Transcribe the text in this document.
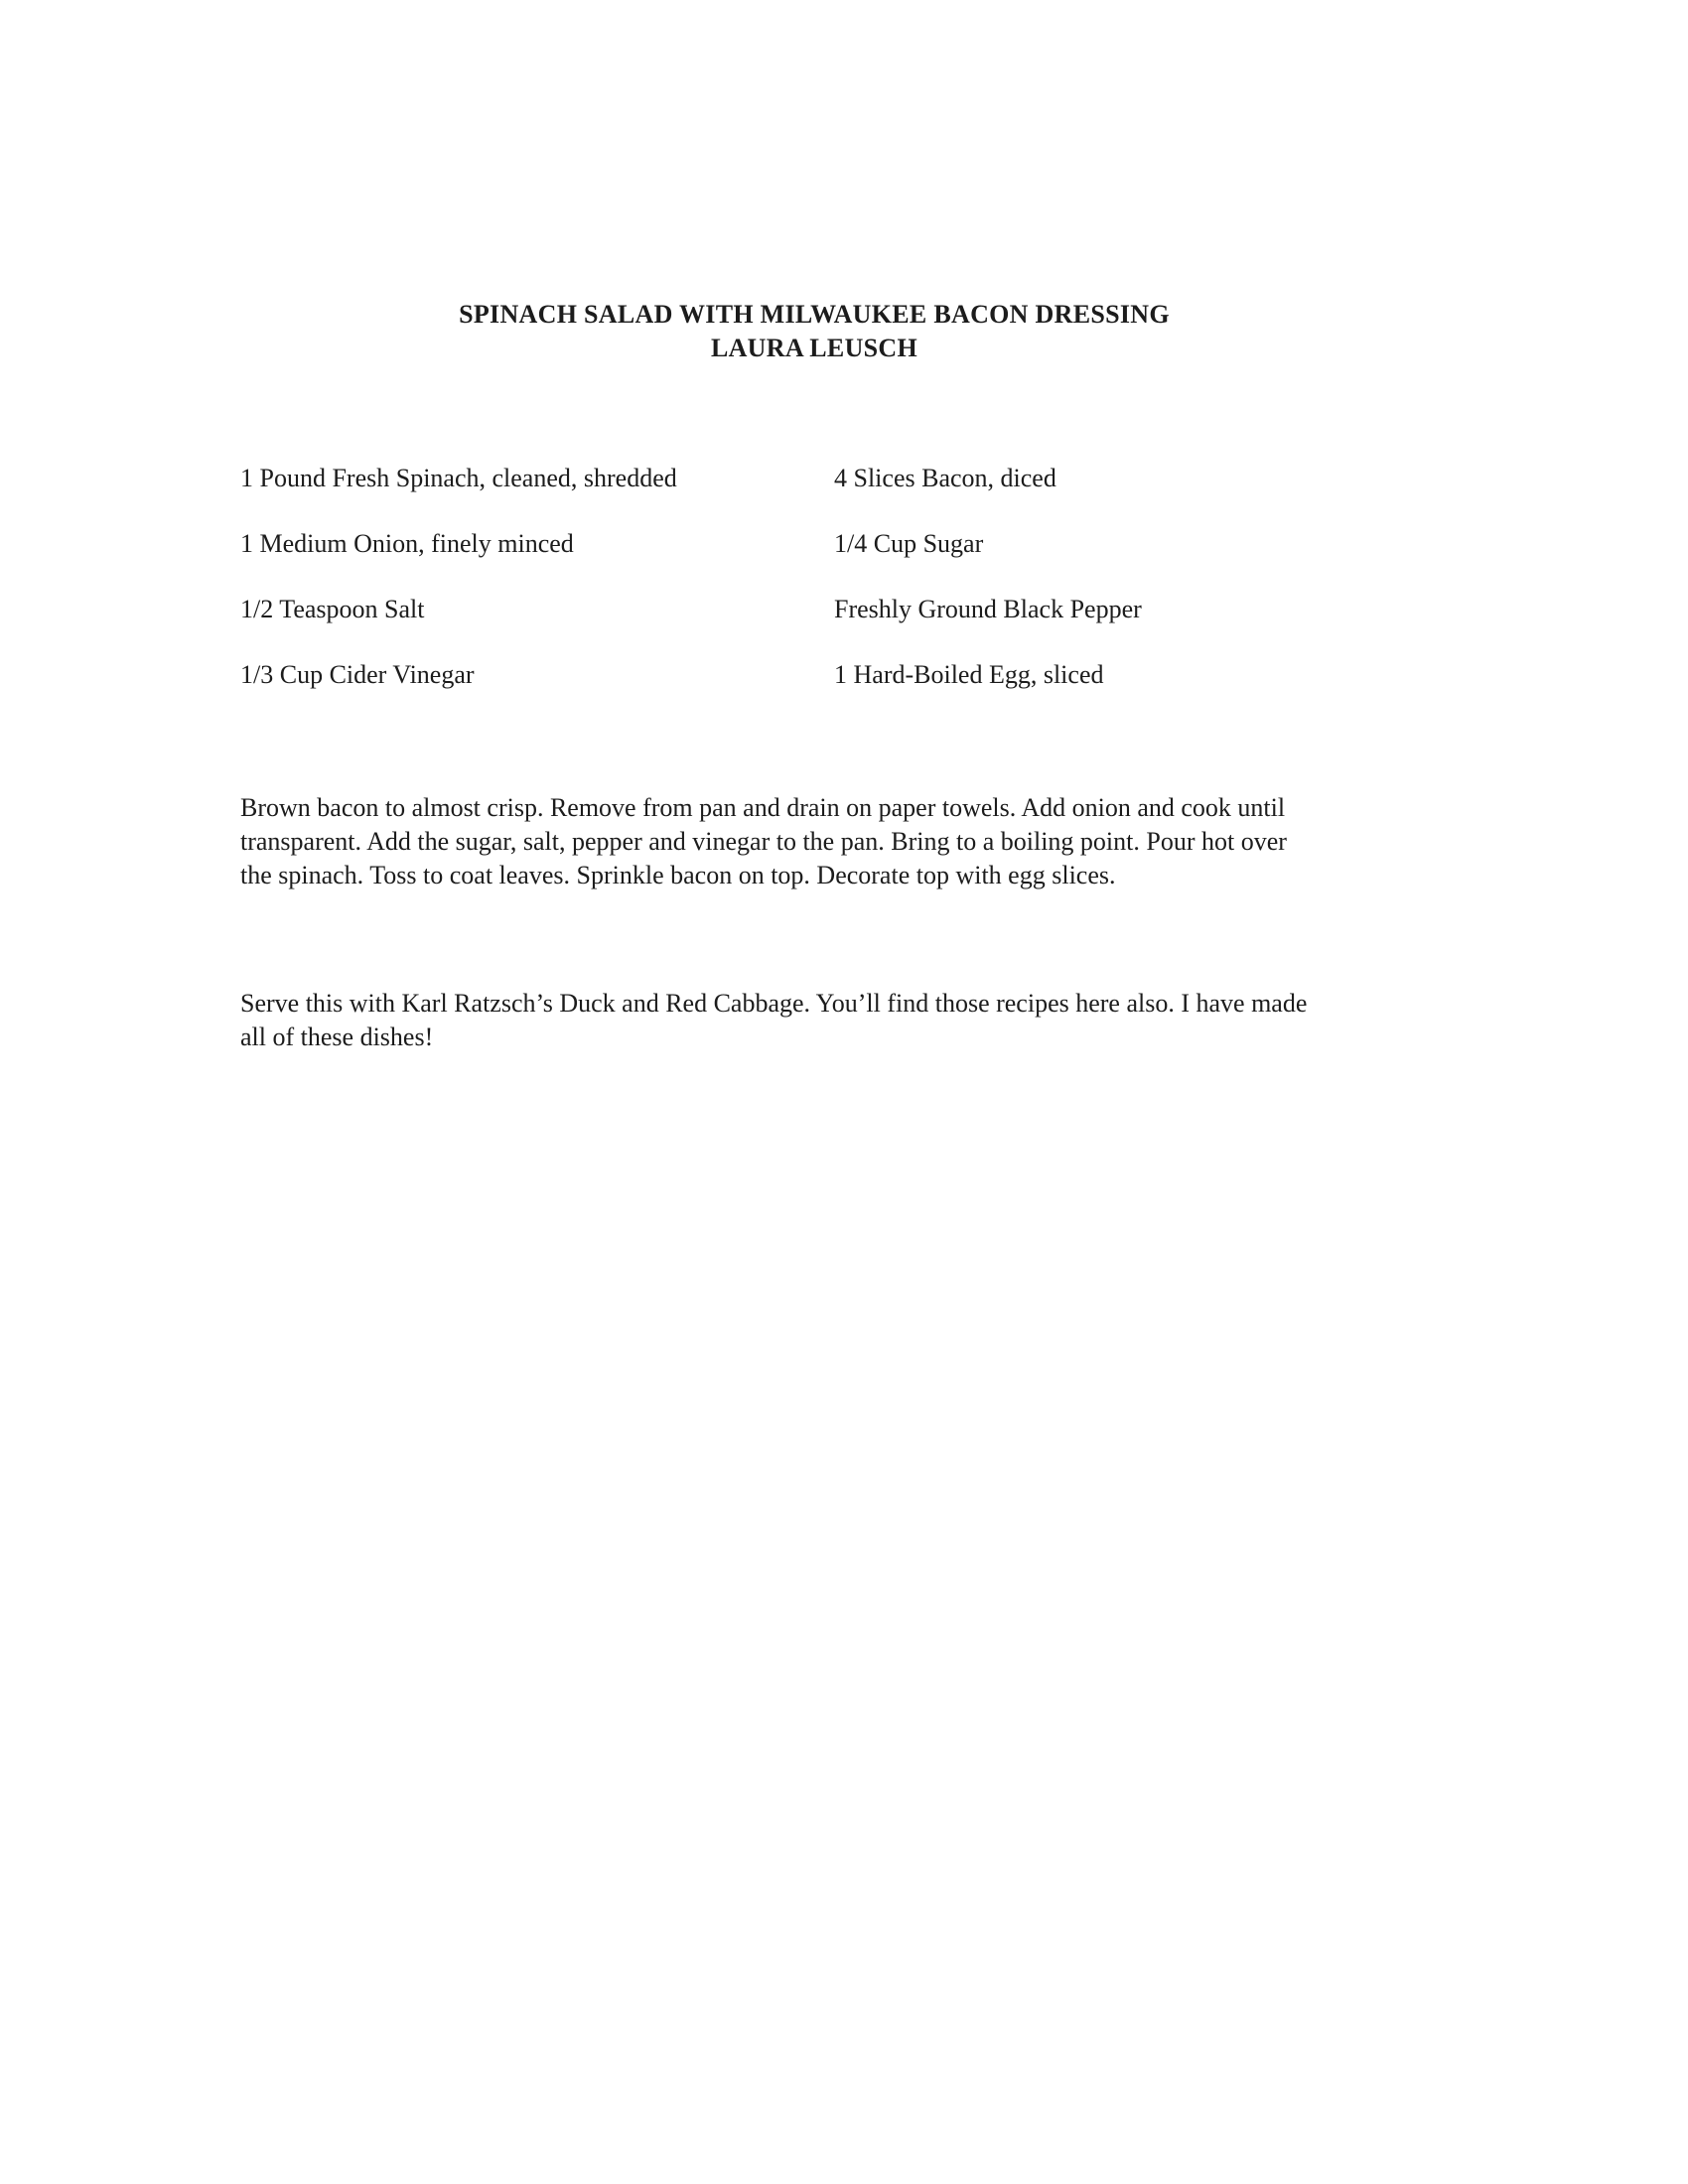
SPINACH SALAD WITH MILWAUKEE BACON DRESSING
LAURA LEUSCH
1 Pound Fresh Spinach, cleaned, shredded	4 Slices Bacon, diced
1 Medium Onion, finely minced	1/4 Cup Sugar
1/2 Teaspoon Salt	Freshly Ground Black Pepper
1/3 Cup Cider Vinegar	1 Hard-Boiled Egg, sliced
Brown bacon to almost crisp. Remove from pan and drain on paper towels. Add onion and cook until
transparent. Add the sugar, salt, pepper and vinegar to the pan. Bring to a boiling point. Pour hot over
the spinach. Toss to coat leaves. Sprinkle bacon on top. Decorate top with egg slices.
Serve this with Karl Ratzsch’s Duck and Red Cabbage. You’ll find those recipes here also. I have made
all of these dishes!
